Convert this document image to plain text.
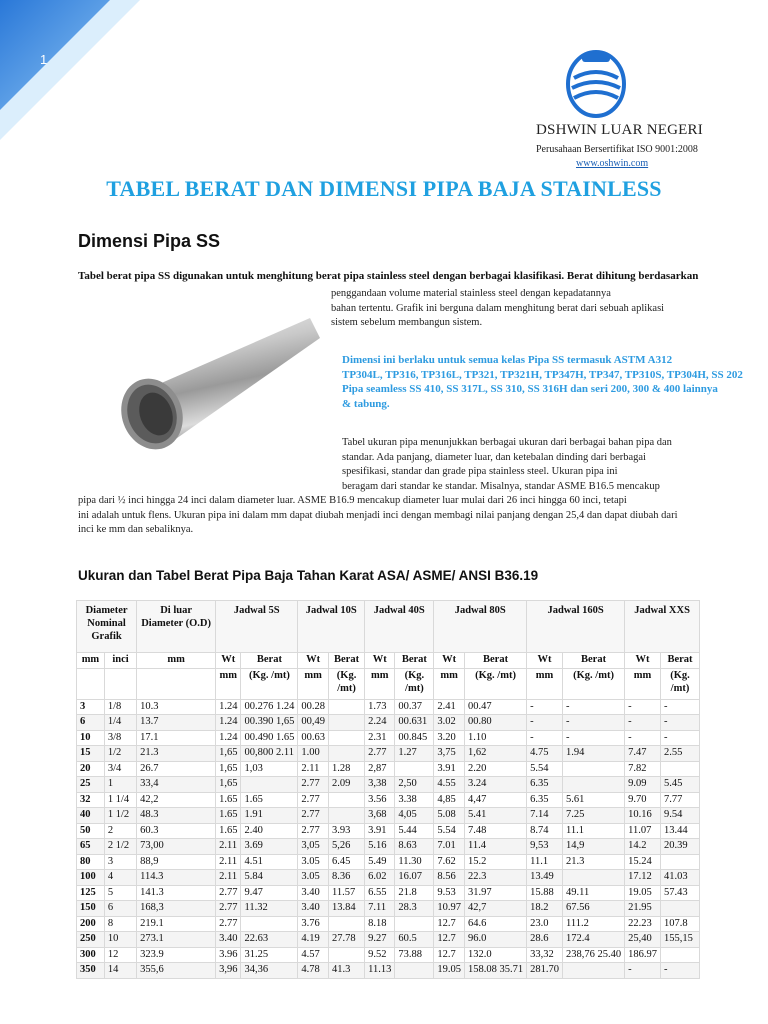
1
DSHWIN LUAR NEGERI
Perusahaan Bersertifikat ISO 9001:2008
www.oshwin.com
TABEL BERAT DAN DIMENSI PIPA BAJA STAINLESS
Dimensi Pipa SS
Tabel berat pipa SS digunakan untuk menghitung berat pipa stainless steel dengan berbagai klasifikasi. Berat dihitung berdasarkan
penggandaan volume material stainless steel dengan kepadatannya
bahan tertentu. Grafik ini berguna dalam menghitung berat dari sebuah aplikasi
sistem sebelum membangun sistem.
Dimensi ini berlaku untuk semua kelas Pipa SS termasuk ASTM A312
TP304L, TP316, TP316L, TP321, TP321H, TP347H, TP347, TP310S, TP304H, SS 202
Pipa seamless SS 410, SS 317L, SS 310, SS 316H dan seri 200, 300 & 400 lainnya
& tabung.
Tabel ukuran pipa menunjukkan berbagai ukuran dari berbagai bahan pipa dan
standar. Ada panjang, diameter luar, dan ketebalan dinding dari berbagai
spesifikasi, standar dan grade pipa stainless steel. Ukuran pipa ini
beragam dari standar ke standar. Misalnya, standar ASME B16.5 mencakup
pipa dari ½ inci hingga 24 inci dalam diameter luar. ASME B16.9 mencakup diameter luar mulai dari 26 inci hingga 60 inci, tetapi
ini adalah untuk flens. Ukuran pipa ini dalam mm dapat diubah menjadi inci dengan membagi nilai panjang dengan 25,4 dan dapat diubah dari
inci ke mm dan sebaliknya.
Ukuran dan Tabel Berat Pipa Baja Tahan Karat ASA/ ASME/ ANSI B36.19
Diameter Nominal Grafik		Di luar Diameter (O.D)	Jadwal 5S		Jadwal 10S		Jadwal 40S		Jadwal 80S		Jadwal 160S		Jadwal XXS	
mm	inci	mm	Wt	Berat	Wt	Berat	Wt	Berat	Wt	Berat	Wt	Berat	Wt	Berat
			mm	(Kg. /mt)	mm	(Kg. /mt)	mm	(Kg. /mt)	mm	(Kg. /mt)	mm	(Kg. /mt)	mm	(Kg. /mt)
3	1/8	10.3	1.24	00.276 1.24	00.28		1.73	00.37	2.41	00.47	-	-	-	-
6	1/4	13.7	1.24	00.390 1,65	00,49		2.24	00.631	3.02	00.80	-	-	-	-
10	3/8	17.1	1.24	00.490 1.65	00.63		2.31	00.845	3.20	1.10	-	-	-	-
15	1/2	21.3	1,65	00,800 2.11	1.00		2.77	1.27	3,75	1,62	4.75	1.94	7.47	2.55
20	3/4	26.7	1,65	1,03	2.11	1.28	2,87		3.91	2.20	5.54		7.82	
25	1	33,4	1,65		2.77	2.09	3,38	2,50	4.55	3.24	6.35		9.09	5.45
32	1 1/4	42,2	1.65	1.65	2.77		3.56	3.38	4,85	4,47	6.35	5.61	9.70	7.77
40	1 1/2	48.3	1.65	1.91	2.77		3,68	4,05	5.08	5.41	7.14	7.25	10.16	9.54
50	2	60.3	1.65	2.40	2.77	3.93	3.91	5.44	5.54	7.48	8.74	11.1	11.07	13.44
65	2 1/2	73,00	2.11	3.69	3,05	5,26	5.16	8.63	7.01	11.4	9,53	14,9	14.2	20.39
80	3	88,9	2.11	4.51	3.05	6.45	5.49	11.30	7.62	15.2	11.1	21.3	15.24	
100	4	114.3	2.11	5.84	3.05	8.36	6.02	16.07	8.56	22.3	13.49		17.12	41.03
125	5	141.3	2.77	9.47	3.40	11.57	6.55	21.8	9.53	31.97	15.88	49.11	19.05	57.43
150	6	168,3	2.77	11.32	3.40	13.84	7.11	28.3	10.97	42,7	18.2	67.56	21.95	
200	8	219.1	2.77		3.76		8.18		12.7	64.6	23.0	111.2	22.23	107.8
250	10	273.1	3.40	22.63	4.19	27.78	9.27	60.5	12.7	96.0	28.6	172.4	25,40	155,15
300	12	323.9	3.96	31.25	4.57		9.52	73.88	12.7	132.0	33,32	238,76 25.40	186.97	
350	14	355,6	3,96	34,36	4.78	41.3	11.13		19.05	158.08 35.71	281.70		-	-
